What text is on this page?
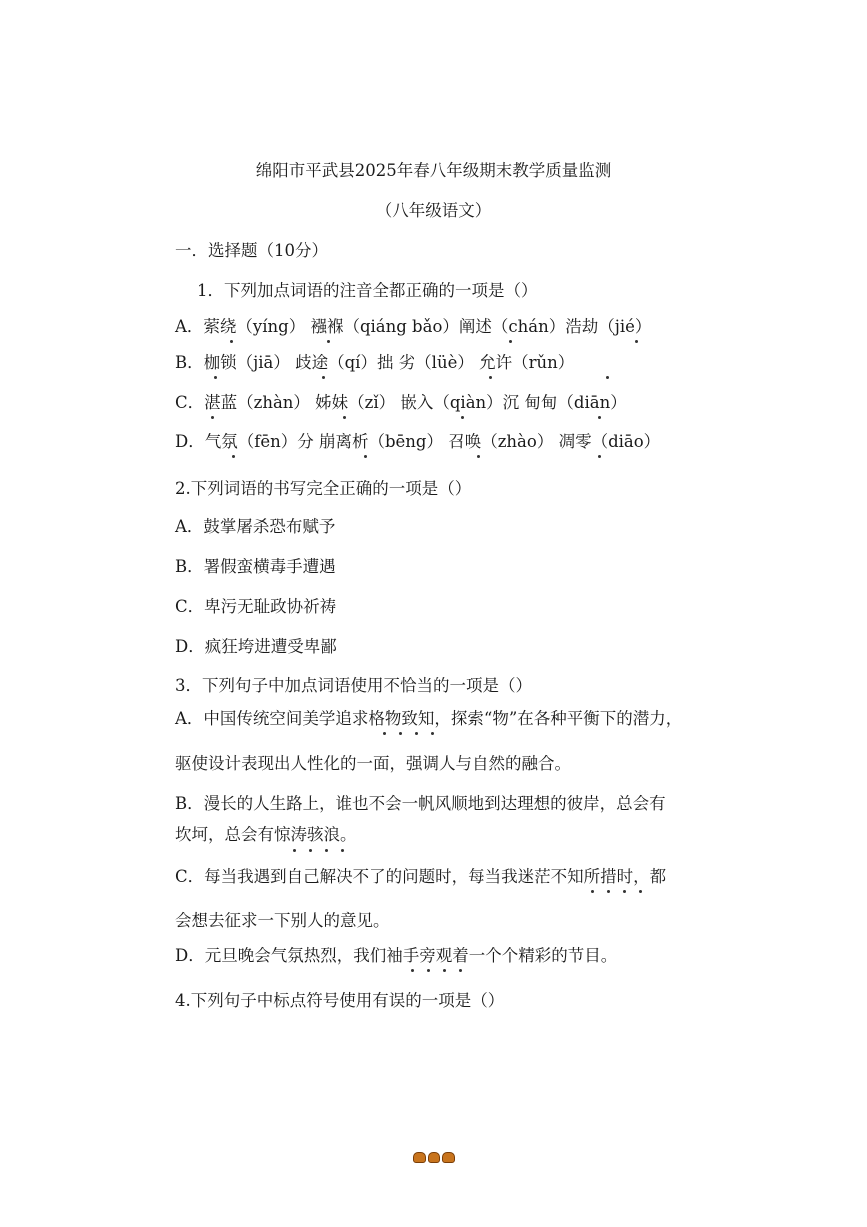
绵阳市平武县2025年春八年级期末教学质量监测
（八年级语文）
一．选择题（10分）
1．下列加点词语的注音全都正确的一项是（）
A．萦绕（yíng） 襁褓（qiáng bǎo）阐述（chán）浩劫（jié）
B．枷锁（jiā） 歧途（qí）拙 劣（lüè） 允许（rǔn）
C．湛蓝（zhàn） 姊妹（zǐ） 嵌入（qiàn）沉 甸甸（diān）
D．气氛（fēn）分 崩离析（bēng） 召唤（zhào） 凋零（diāo）
2.下列词语的书写完全正确的一项是（）
A．鼓掌屠杀恐布赋予
B．署假蛮横毒手遭遇
C．卑污无耻政协祈祷
D．疯狂垮进遭受卑鄙
3．下列句子中加点词语使用不恰当的一项是（）
A．中国传统空间美学追求格物致知，探索“物”在各种平衡下的潜力，
驱使设计表现出人性化的一面，强调人与自然的融合。
B．漫长的人生路上，谁也不会一帆风顺地到达理想的彼岸，总会有
坎坷，总会有惊涛骇浪。
C．每当我遇到自己解决不了的问题时，每当我迷茫不知所措时，都
会想去征求一下别人的意见。
D．元旦晚会气氛热烈，我们袖手旁观着一个个精彩的节目。
4.下列句子中标点符号使用有误的一项是（）
